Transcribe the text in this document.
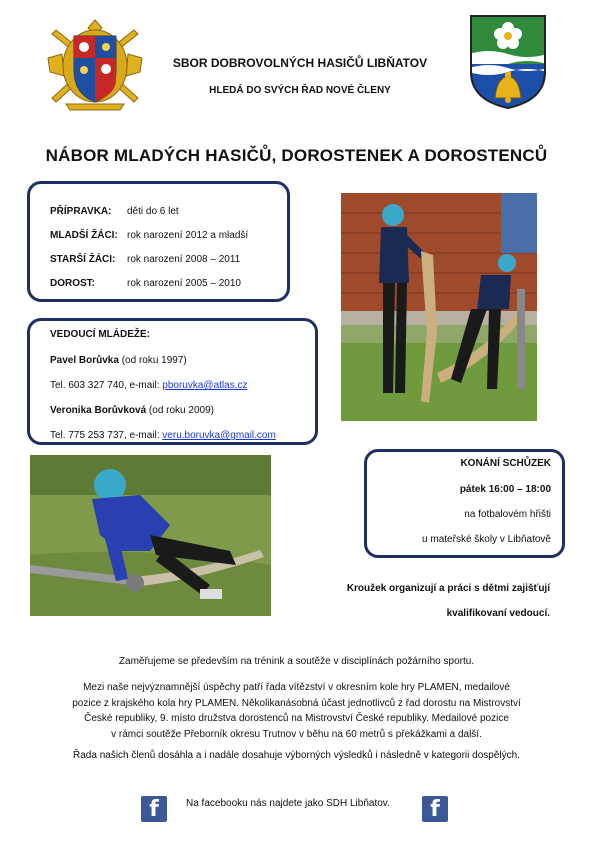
SBOR DOBROVOLNÝCH HASIČŮ LIBŇATOV
HLEDÁ DO SVÝCH ŘAD NOVÉ ČLENY
NÁBOR MLADÝCH HASIČŮ, DOROSTENEK A DOROSTENCŮ
PŘÍPRAVKA: děti do 6 let
MLADŠÍ ŽÁCI: rok narození 2012 a mladší
STARŠÍ ŽÁCI: rok narození 2008 – 2011
DOROST:	rok narození 2005 – 2010
VEDOUCÍ MLÁDEŽE:
Pavel Borůvka (od roku 1997)
Tel. 603 327 740, e-mail: pboruvka@atlas.cz
Veronika Borůvková (od roku 2009)
Tel. 775 253 737, e-mail: veru.boruvka@gmail.com
KONÁNÍ SCHŮZEK
pátek 16:00 – 18:00
na fotbalovém hřišti
u mateřské školy v Libňatově
Kroužek organizují a práci s dětmi zajišťují
kvalifikovaní vedoucí.
Zaměřujeme se především na trénink a soutěže v disciplínách požárního sportu.
Mezi naše nejvýznamnější úspěchy patří řada vítězství v okresním kole hry PLAMEN, medailové
pozice z krajského kola hry PLAMEN. Několikanásobná účast jednotlivců z řad dorostu na Mistrovství
České republiky, 9. místo družstva dorostenců na Mistrovství České republiky. Medailové pozice
v rámci soutěže Přeborník okresu Trutnov v běhu na 60 metrů s překážkami a další.
Řada našich členů dosáhla a i nadále dosahuje výborných výsledků i následně v kategorii dospělých.
f	Na facebooku nás najdete jako SDH Libňatov.	f
